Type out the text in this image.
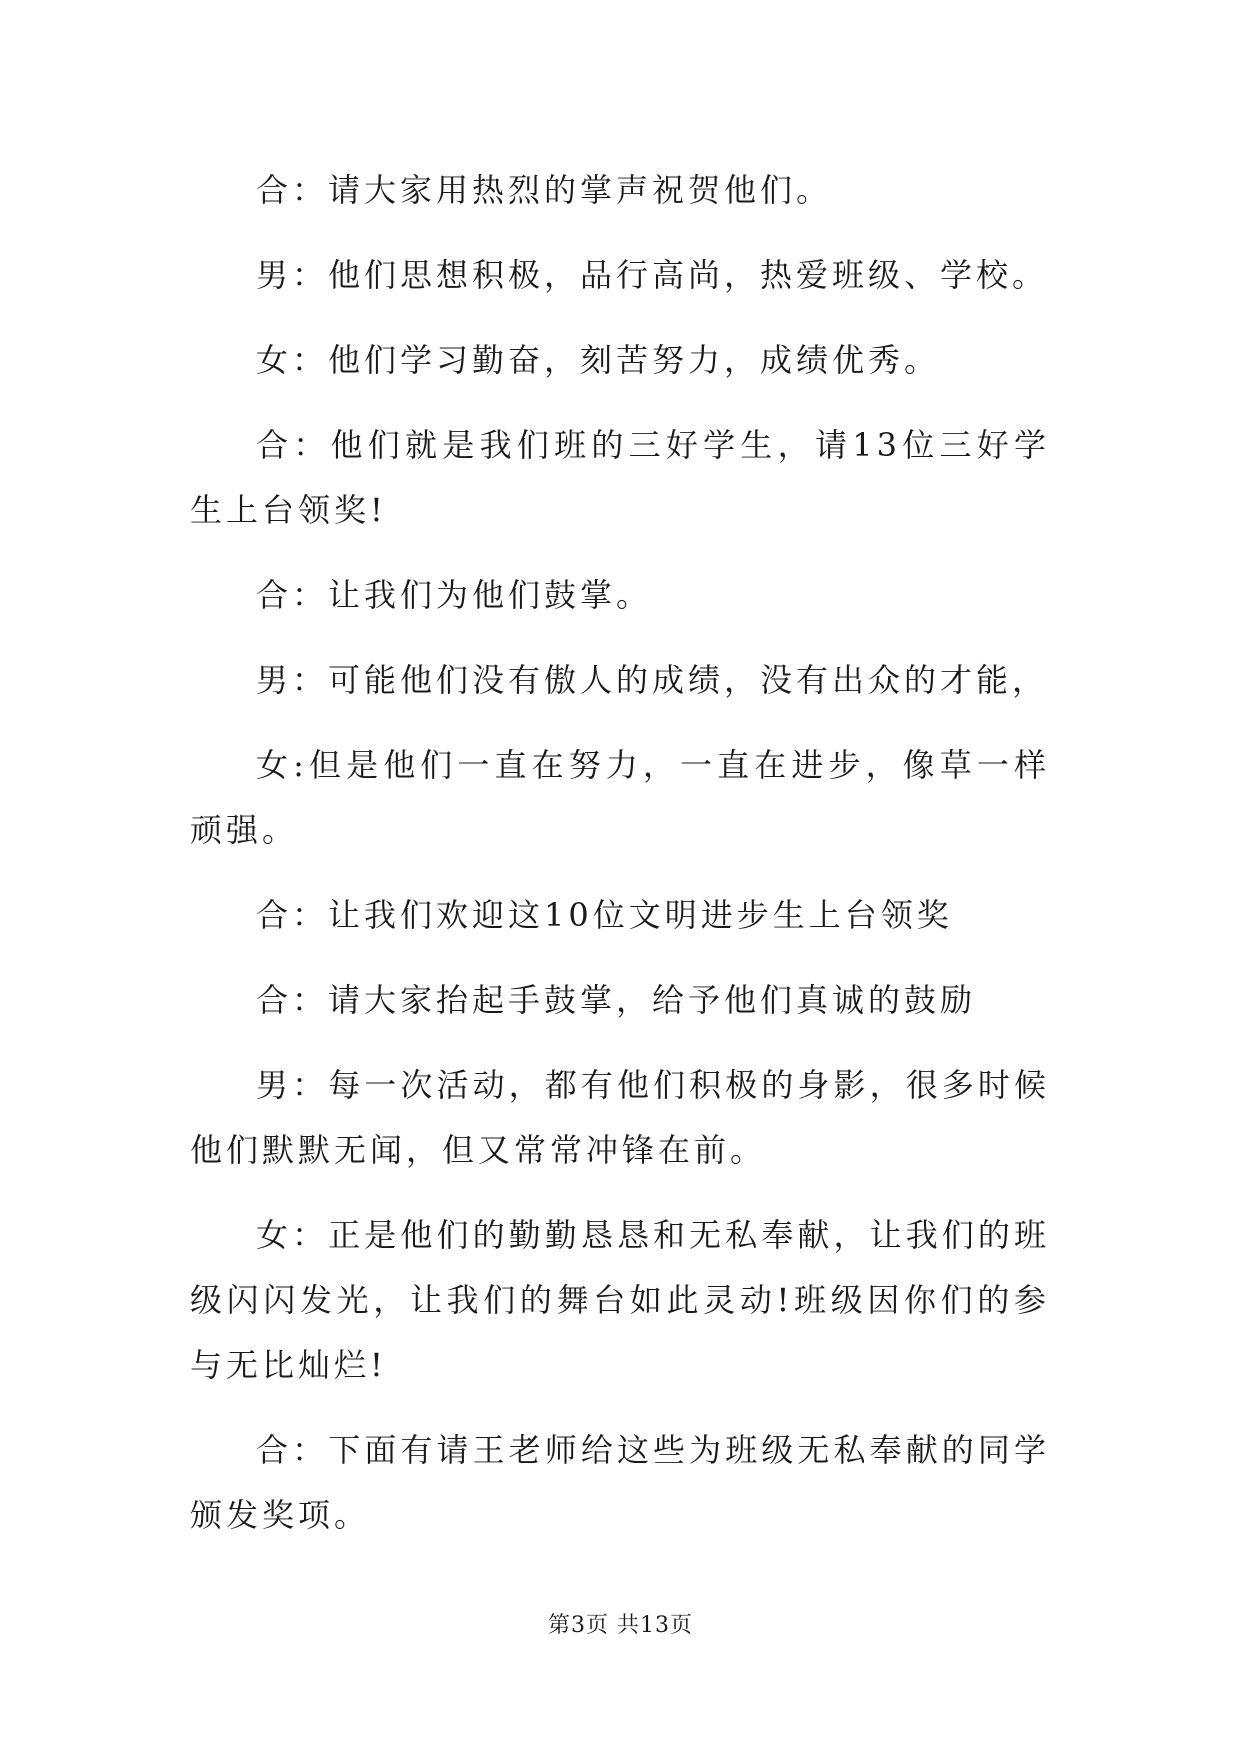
合：请大家用热烈的掌声祝贺他们。

男：他们思想积极，品行高尚，热爱班级、学校。

女：他们学习勤奋，刻苦努力，成绩优秀。

合：他们就是我们班的三好学生，请13位三好学生上台领奖!

合：让我们为他们鼓掌。

男：可能他们没有傲人的成绩，没有出众的才能，

女:但是他们一直在努力，一直在进步，像草一样顽强。

合：让我们欢迎这10位文明进步生上台领奖

合：请大家抬起手鼓掌，给予他们真诚的鼓励

男：每一次活动，都有他们积极的身影，很多时候他们默默无闻，但又常常冲锋在前。

女：正是他们的勤勤恳恳和无私奉献，让我们的班级闪闪发光，让我们的舞台如此灵动!班级因你们的参与无比灿烂!

合：下面有请王老师给这些为班级无私奉献的同学颁发奖项。

第3页 共13页
